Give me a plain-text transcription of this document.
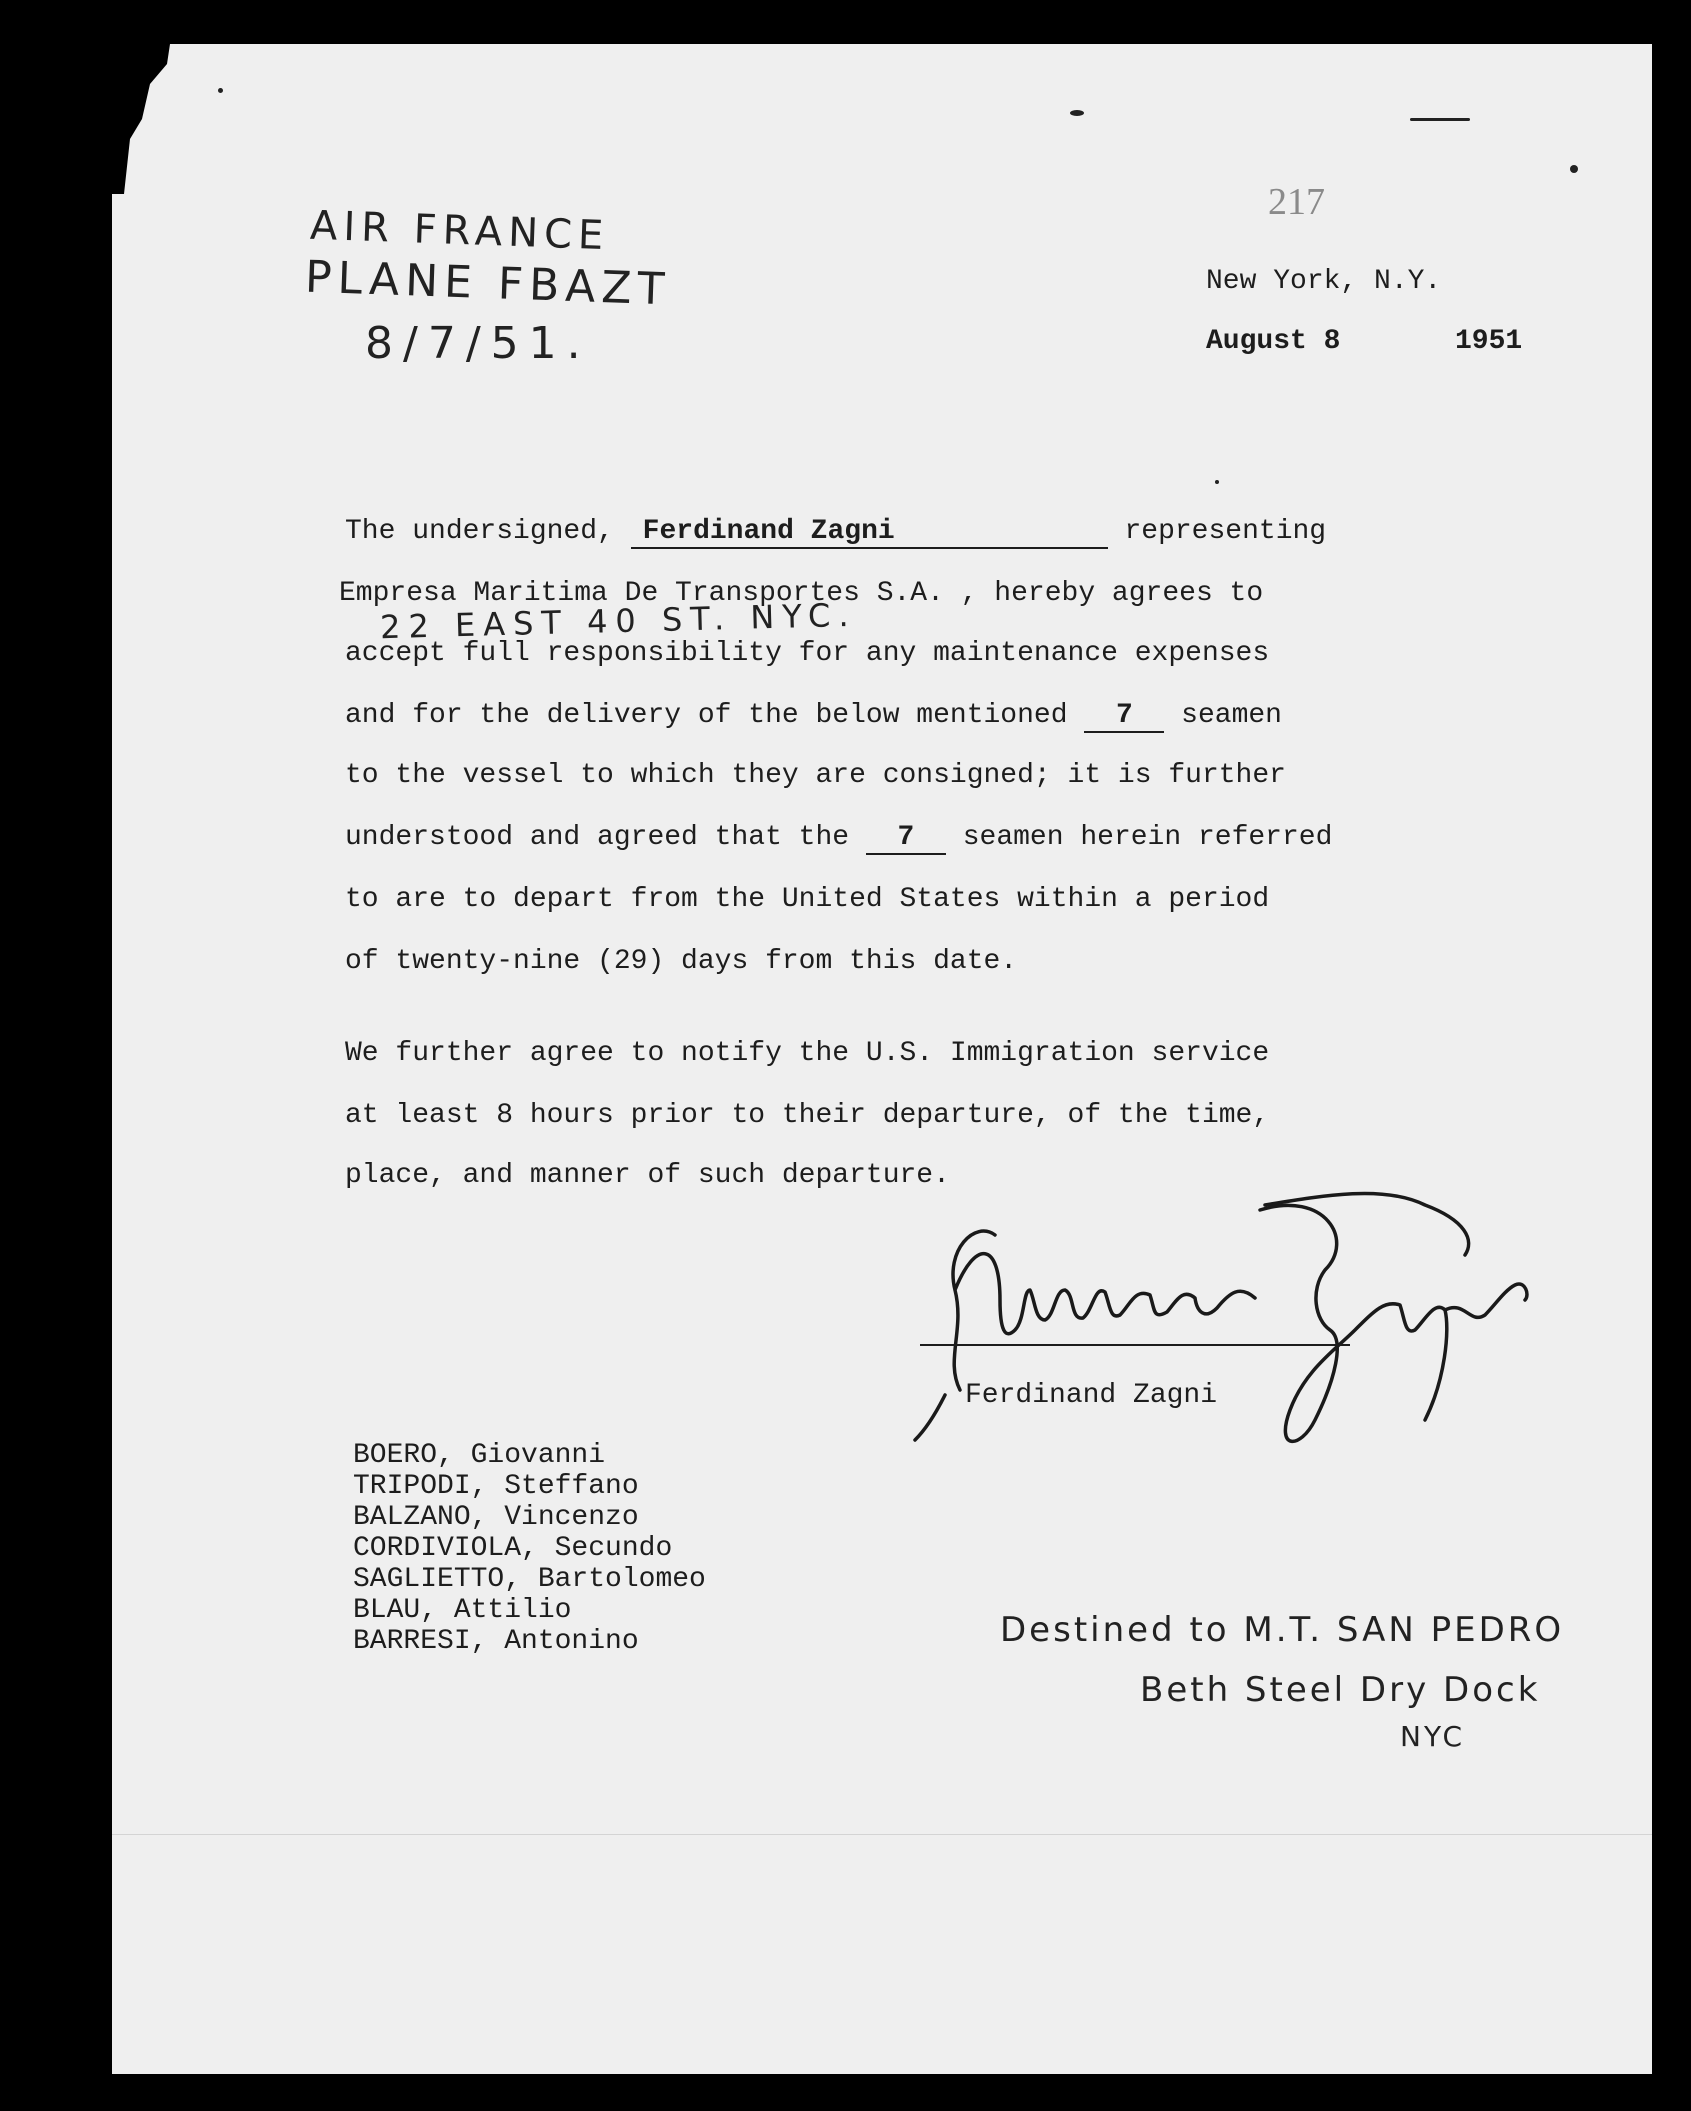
AIR FRANCE
PLANE FBAZT
8/7/51.
217
New York, N.Y.
August 8	1951
The undersigned, Ferdinand Zagni	representing
Empresa Maritima De Transportes S.A. , hereby agrees to
22 EAST 40 ST. NYC.
accept full responsibility for any maintenance expenses
and for the delivery of the below mentioned 7 seamen
to the vessel to which they are consigned; it is further
understood and agreed that the 7 seamen herein referred
to are to depart from the United States within a period
of twenty-nine (29) days from this date.
We further agree to notify the U.S. Immigration service
at least 8 hours prior to their departure, of the time,
place, and manner of such departure.
Ferdinand Zagni
BOERO, Giovanni
TRIPODI, Steffano
BALZANO, Vincenzo
CORDIVIOLA, Secundo
SAGLIETTO, Bartolomeo
BLAU, Attilio
BARRESI, Antonino	Destined to M.T. SAN PEDRO
Beth Steel Dry Dock
NYC
